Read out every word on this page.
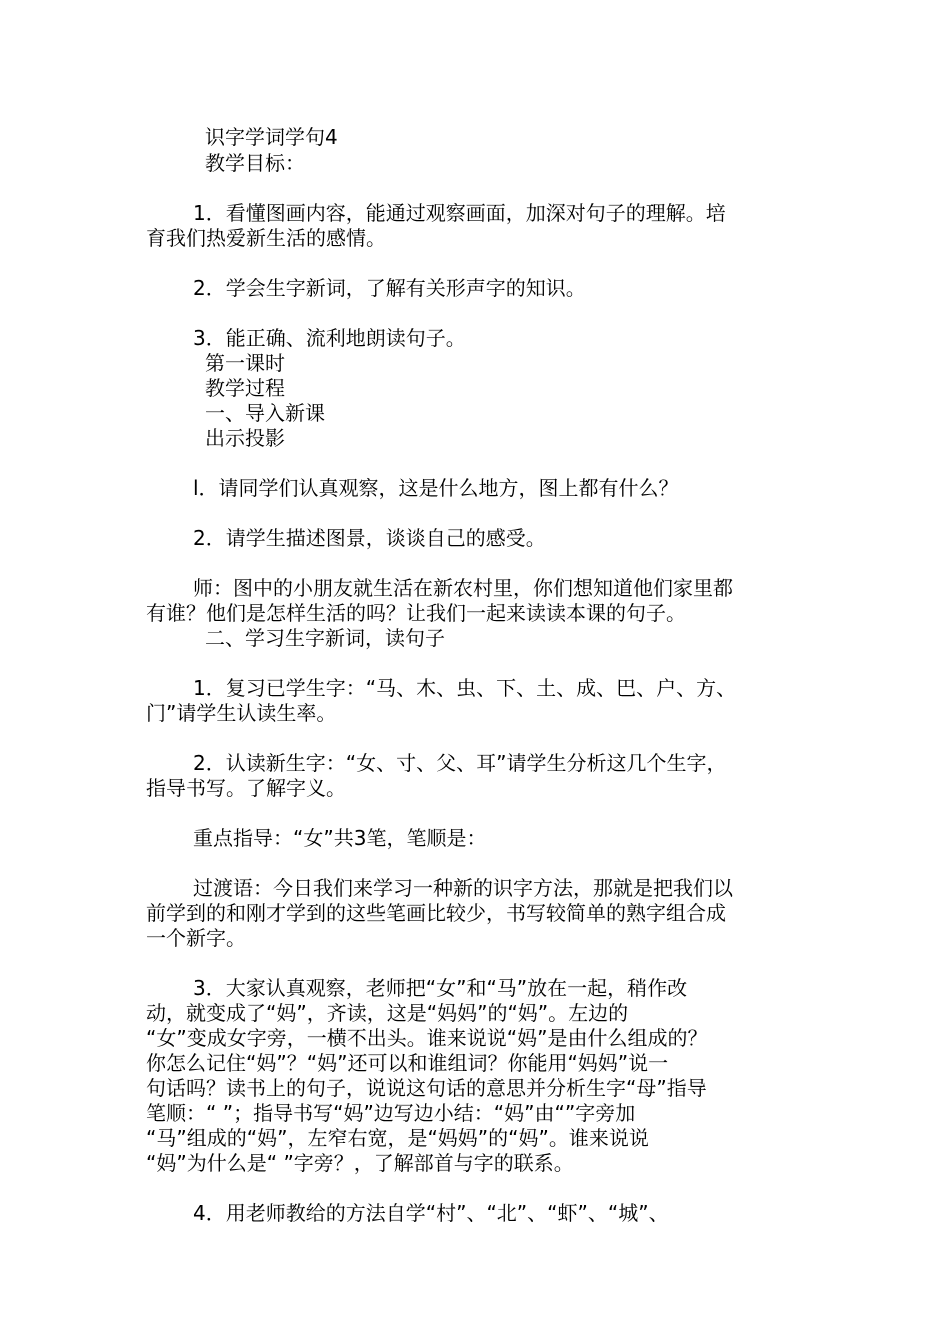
识字学词学句4

教学目标：

1．看懂图画内容，能通过观察画面，加深对句子的理解。培

育我们热爱新生活的感情。

2．学会生字新词，了解有关形声字的知识。

3．能正确、流利地朗读句子。

第一课时

教学过程

一、导入新课

出示投影

l．请同学们认真观察，这是什么地方，图上都有什么？

2．请学生描述图景，谈谈自己的感受。

师：图中的小朋友就生活在新农村里，你们想知道他们家里都

有谁？他们是怎样生活的吗？让我们一起来读读本课的句子。

二、学习生字新词，读句子

1．复习已学生字：“马、木、虫、下、土、成、巴、户、方、

门”请学生认读生率。

2．认读新生字：“女、寸、父、耳”请学生分析这几个生字，

指导书写。了解字义。

重点指导：“女”共3笔，笔顺是：

过渡语：今日我们来学习一种新的识字方法，那就是把我们以

前学到的和刚才学到的这些笔画比较少，书写较简单的熟字组合成

一个新字。

3．大家认真观察，老师把“女”和“马”放在一起，稍作改

动，就变成了“妈”，齐读，这是“妈妈”的“妈”。左边的

“女”变成女字旁，一横不出头。谁来说说“妈”是由什么组成的？

你怎么记住“妈”？“妈”还可以和谁组词？你能用“妈妈”说一

句话吗？读书上的句子，说说这句话的意思并分析生字“母”指导

笔顺：“ ”；指导书写“妈”边写边小结：“妈”由“”字旁加

“马”组成的“妈”，左窄右宽，是“妈妈”的“妈”。谁来说说

“妈”为什么是“ ”字旁？，了解部首与字的联系。

4．用老师教给的方法自学“村”、“北”、“虾”、“城”、
